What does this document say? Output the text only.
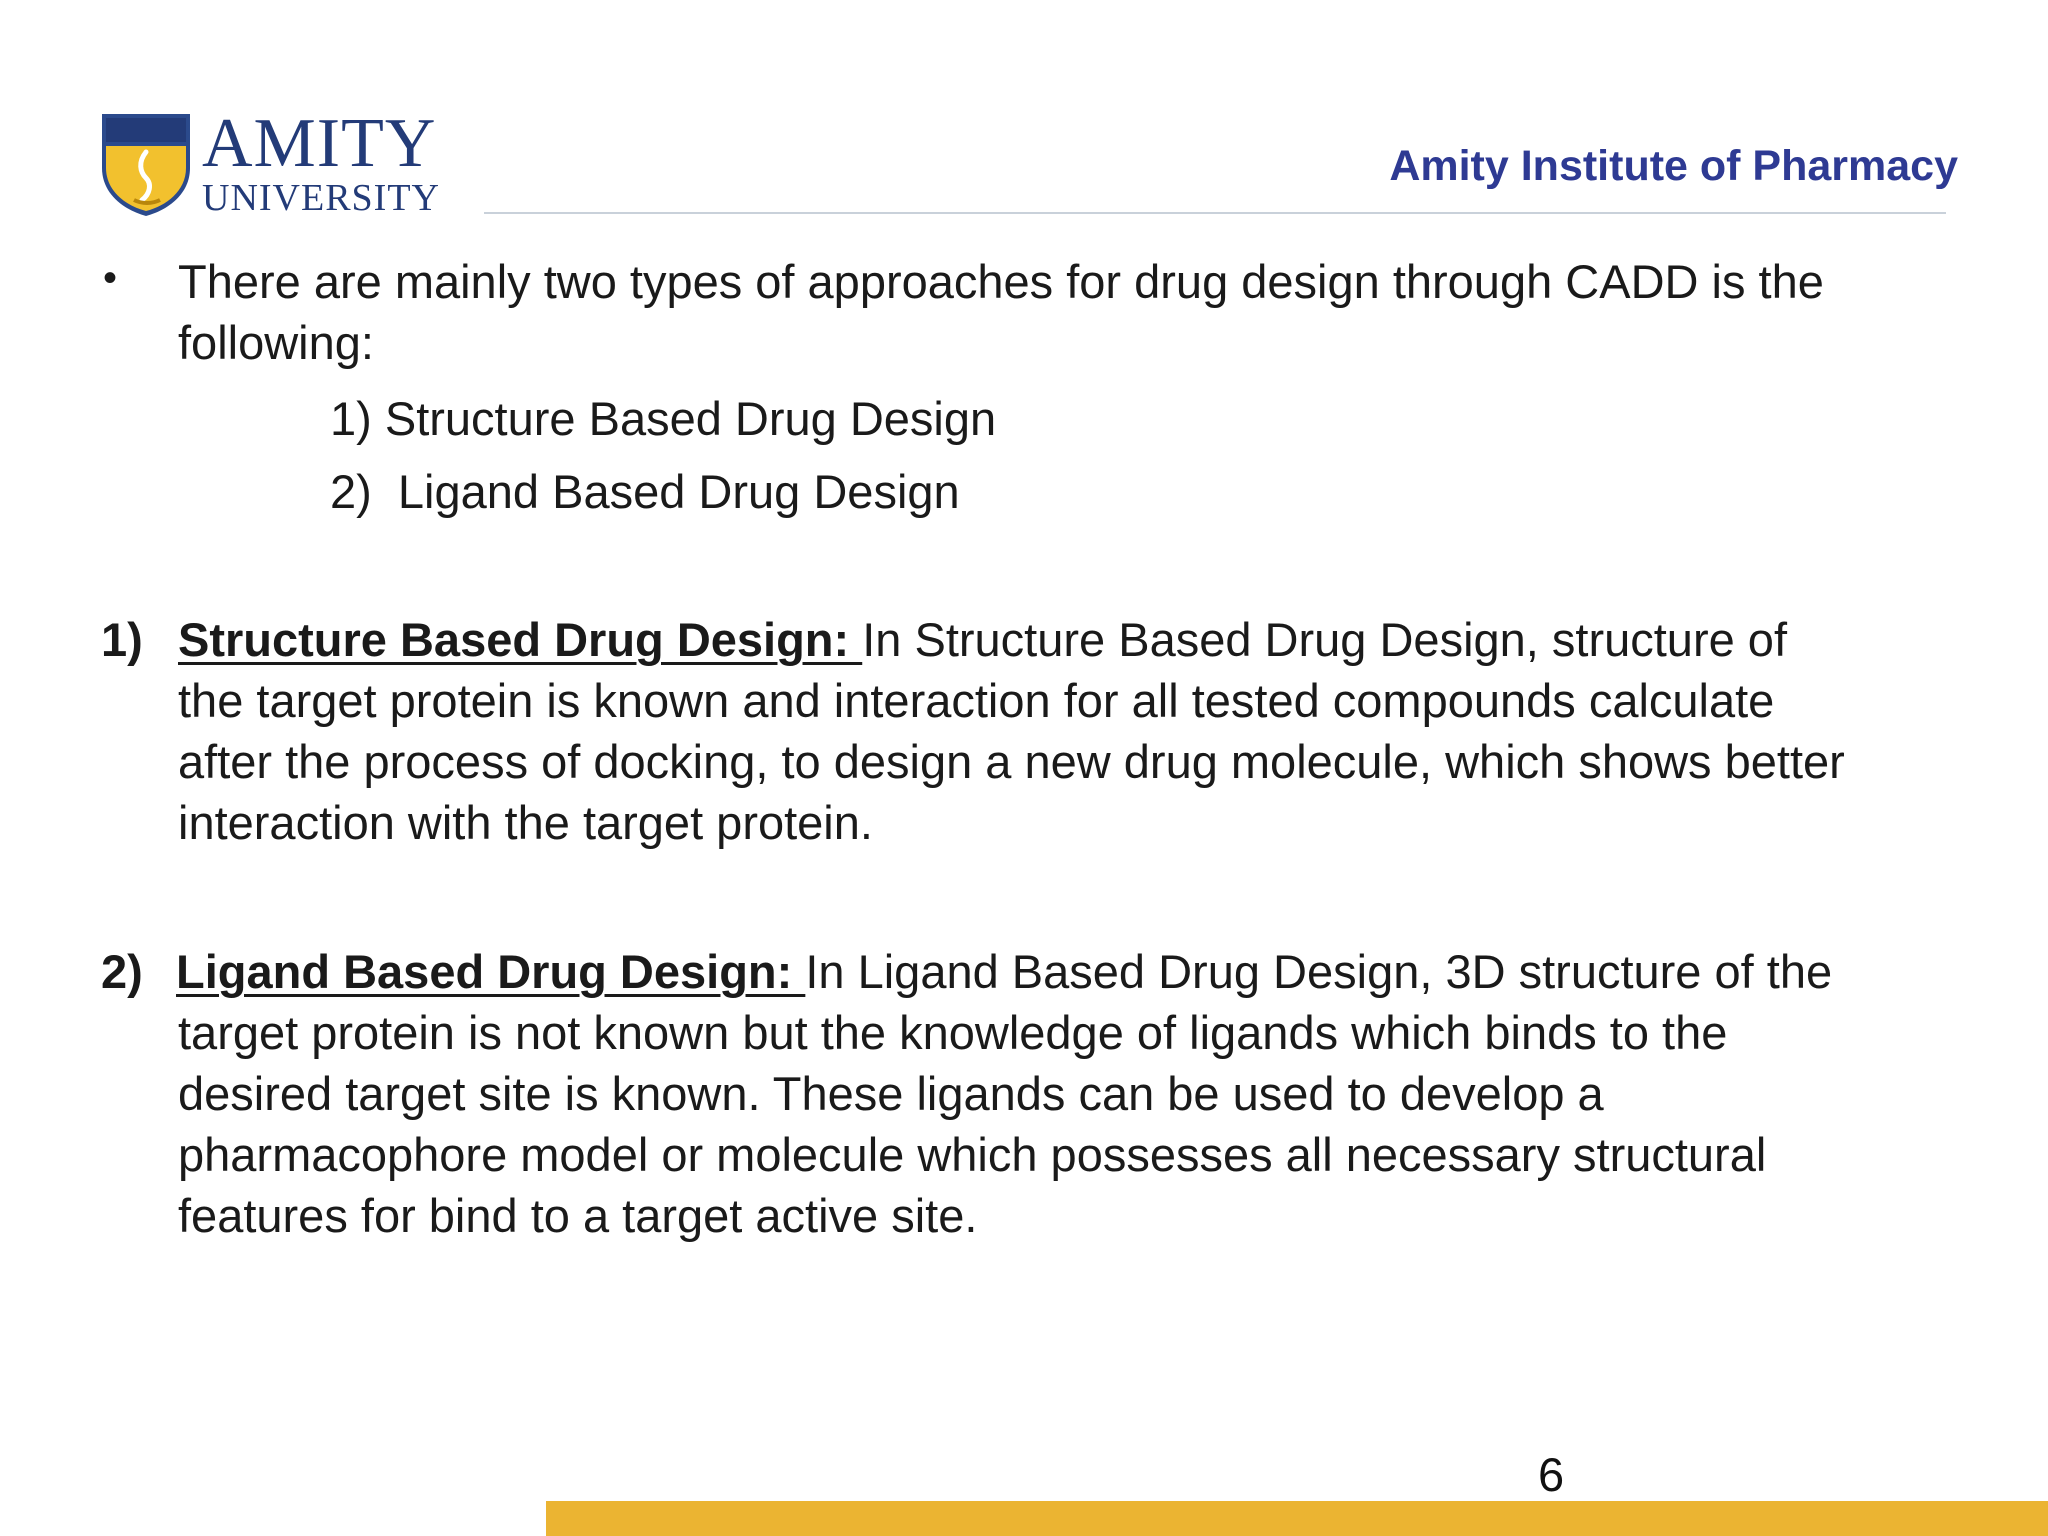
AMITY
UNIVERSITY
Amity Institute of Pharmacy
• There are mainly two types of approaches for drug design through CADD is the following:
1) Structure Based Drug Design
2)  Ligand Based Drug Design
1) Structure Based Drug Design: In Structure Based Drug Design, structure of
the target protein is known and interaction for all tested compounds calculate
after the process of docking, to design a new drug molecule, which shows better
interaction with the target protein.
2) Ligand Based Drug Design: In Ligand Based Drug Design, 3D structure of the
target protein is not known but the knowledge of ligands which binds to the
desired target site is known. These ligands can be used to develop a
pharmacophore model or molecule which possesses all necessary structural
features for bind to a target active site.
6
